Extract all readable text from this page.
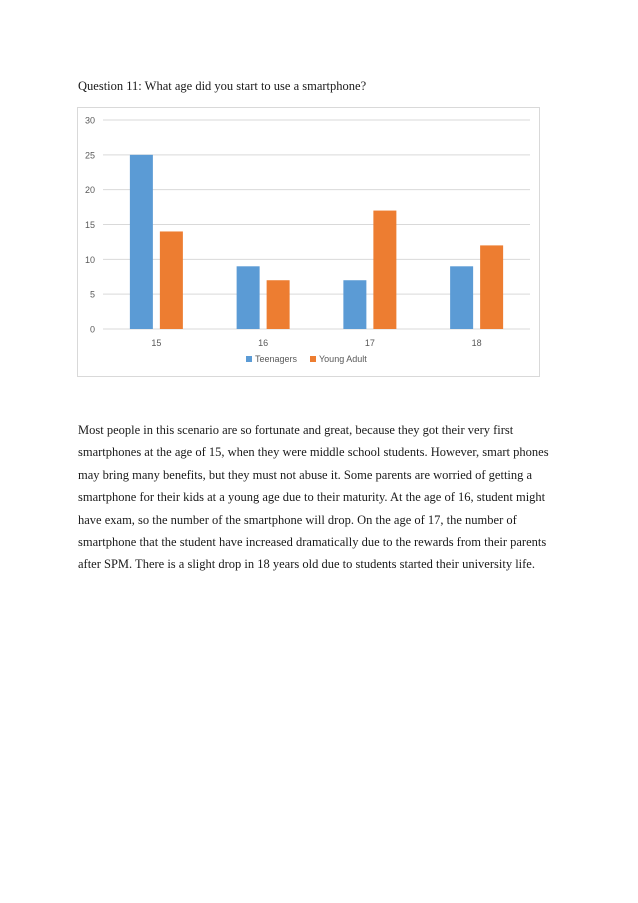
Question 11: What age did you start to use a smartphone?
0
5
10
15
20
25
30
15	16	17	18
Teenagers Young Adult
Most people in this scenario are so fortunate and great, because they got their very first smartphones at the age of 15, when they were middle school students. However, smart phones may bring many benefits, but they must not abuse it. Some parents are worried of getting a smartphone for their kids at a young age due to their maturity. At the age of 16, student might have exam, so the number of the smartphone will drop. On the age of 17, the number of smartphone that the student have increased dramatically due to the rewards from their parents after SPM. There is a slight drop in 18 years old due to students started their university life.
